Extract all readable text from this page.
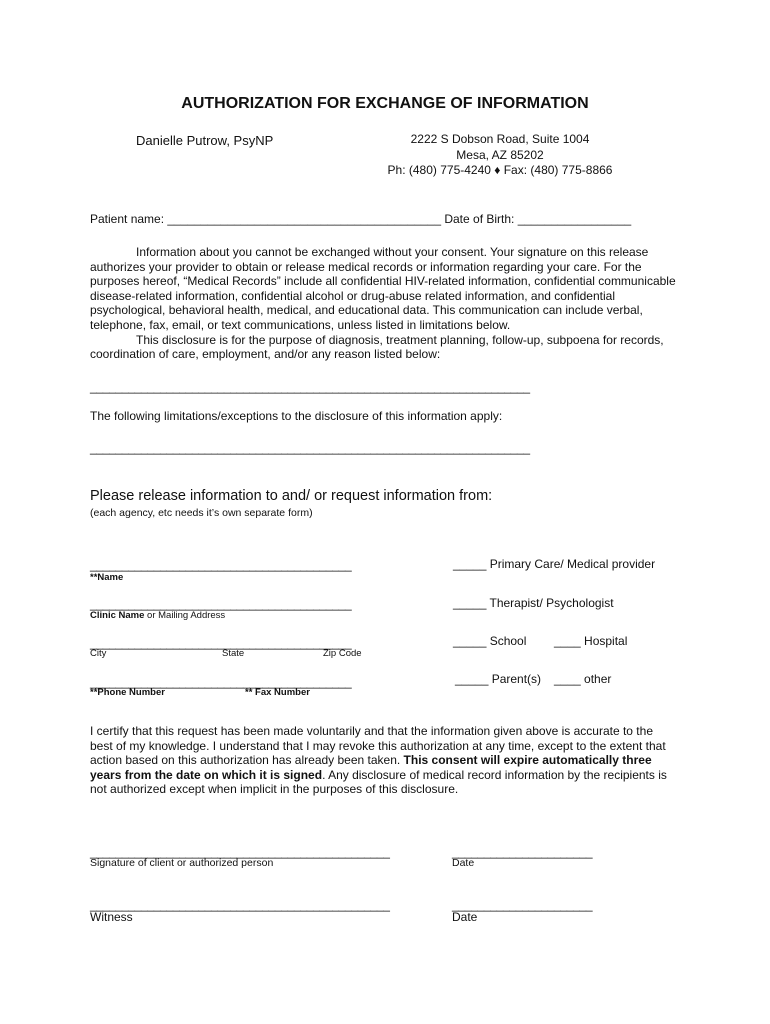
AUTHORIZATION FOR EXCHANGE OF INFORMATION
Danielle Putrow, PsyNP	2222 S Dobson Road, Suite 1004
Mesa, AZ 85202
Ph: (480) 775-4240 ♦ Fax: (480) 775-8866
Patient name: _________________________________________ Date of Birth: _________________

Information about you cannot be exchanged without your consent. Your signature on this release authorizes your provider to obtain or release medical records or information regarding your care. For the purposes hereof, “Medical Records” include all confidential HIV-related information, confidential communicable disease-related information, confidential alcohol or drug-abuse related information, and confidential psychological, behavioral health, medical, and educational data. This communication can include verbal, telephone, fax, email, or text communications, unless listed in limitations below.

This disclosure is for the purpose of diagnosis, treatment planning, follow-up, subpoena for records, coordination of care, employment, and/or any reason listed below:

_____________________________________________________________________
The following limitations/exceptions to the disclosure of this information apply:
_____________________________________________________________________
Please release information to and/ or request information from:
(each agency, etc needs it’s own separate form)
_________________________________________
**Name
_____ Primary Care/ Medical provider
_________________________________________
Clinic Name or Mailing Address
_____ Therapist/ Psychologist
_________________________________________
City	State	Zip Code
_____ School ____ Hospital
_________________________________________
**Phone Number	** Fax Number
_____ Parent(s) ____ other

I certify that this request has been made voluntarily and that the information given above is accurate to the best of my knowledge. I understand that I may revoke this authorization at any time, except to the extent that action based on this authorization has already been taken. This consent will expire automatically three years from the date on which it is signed. Any disclosure of medical record information by the recipients is not authorized except when implicit in the purposes of this disclosure.

_______________________________________________
Signature of client or authorized person
______________________
Date
_______________________________________________
Witness
______________________
Date
